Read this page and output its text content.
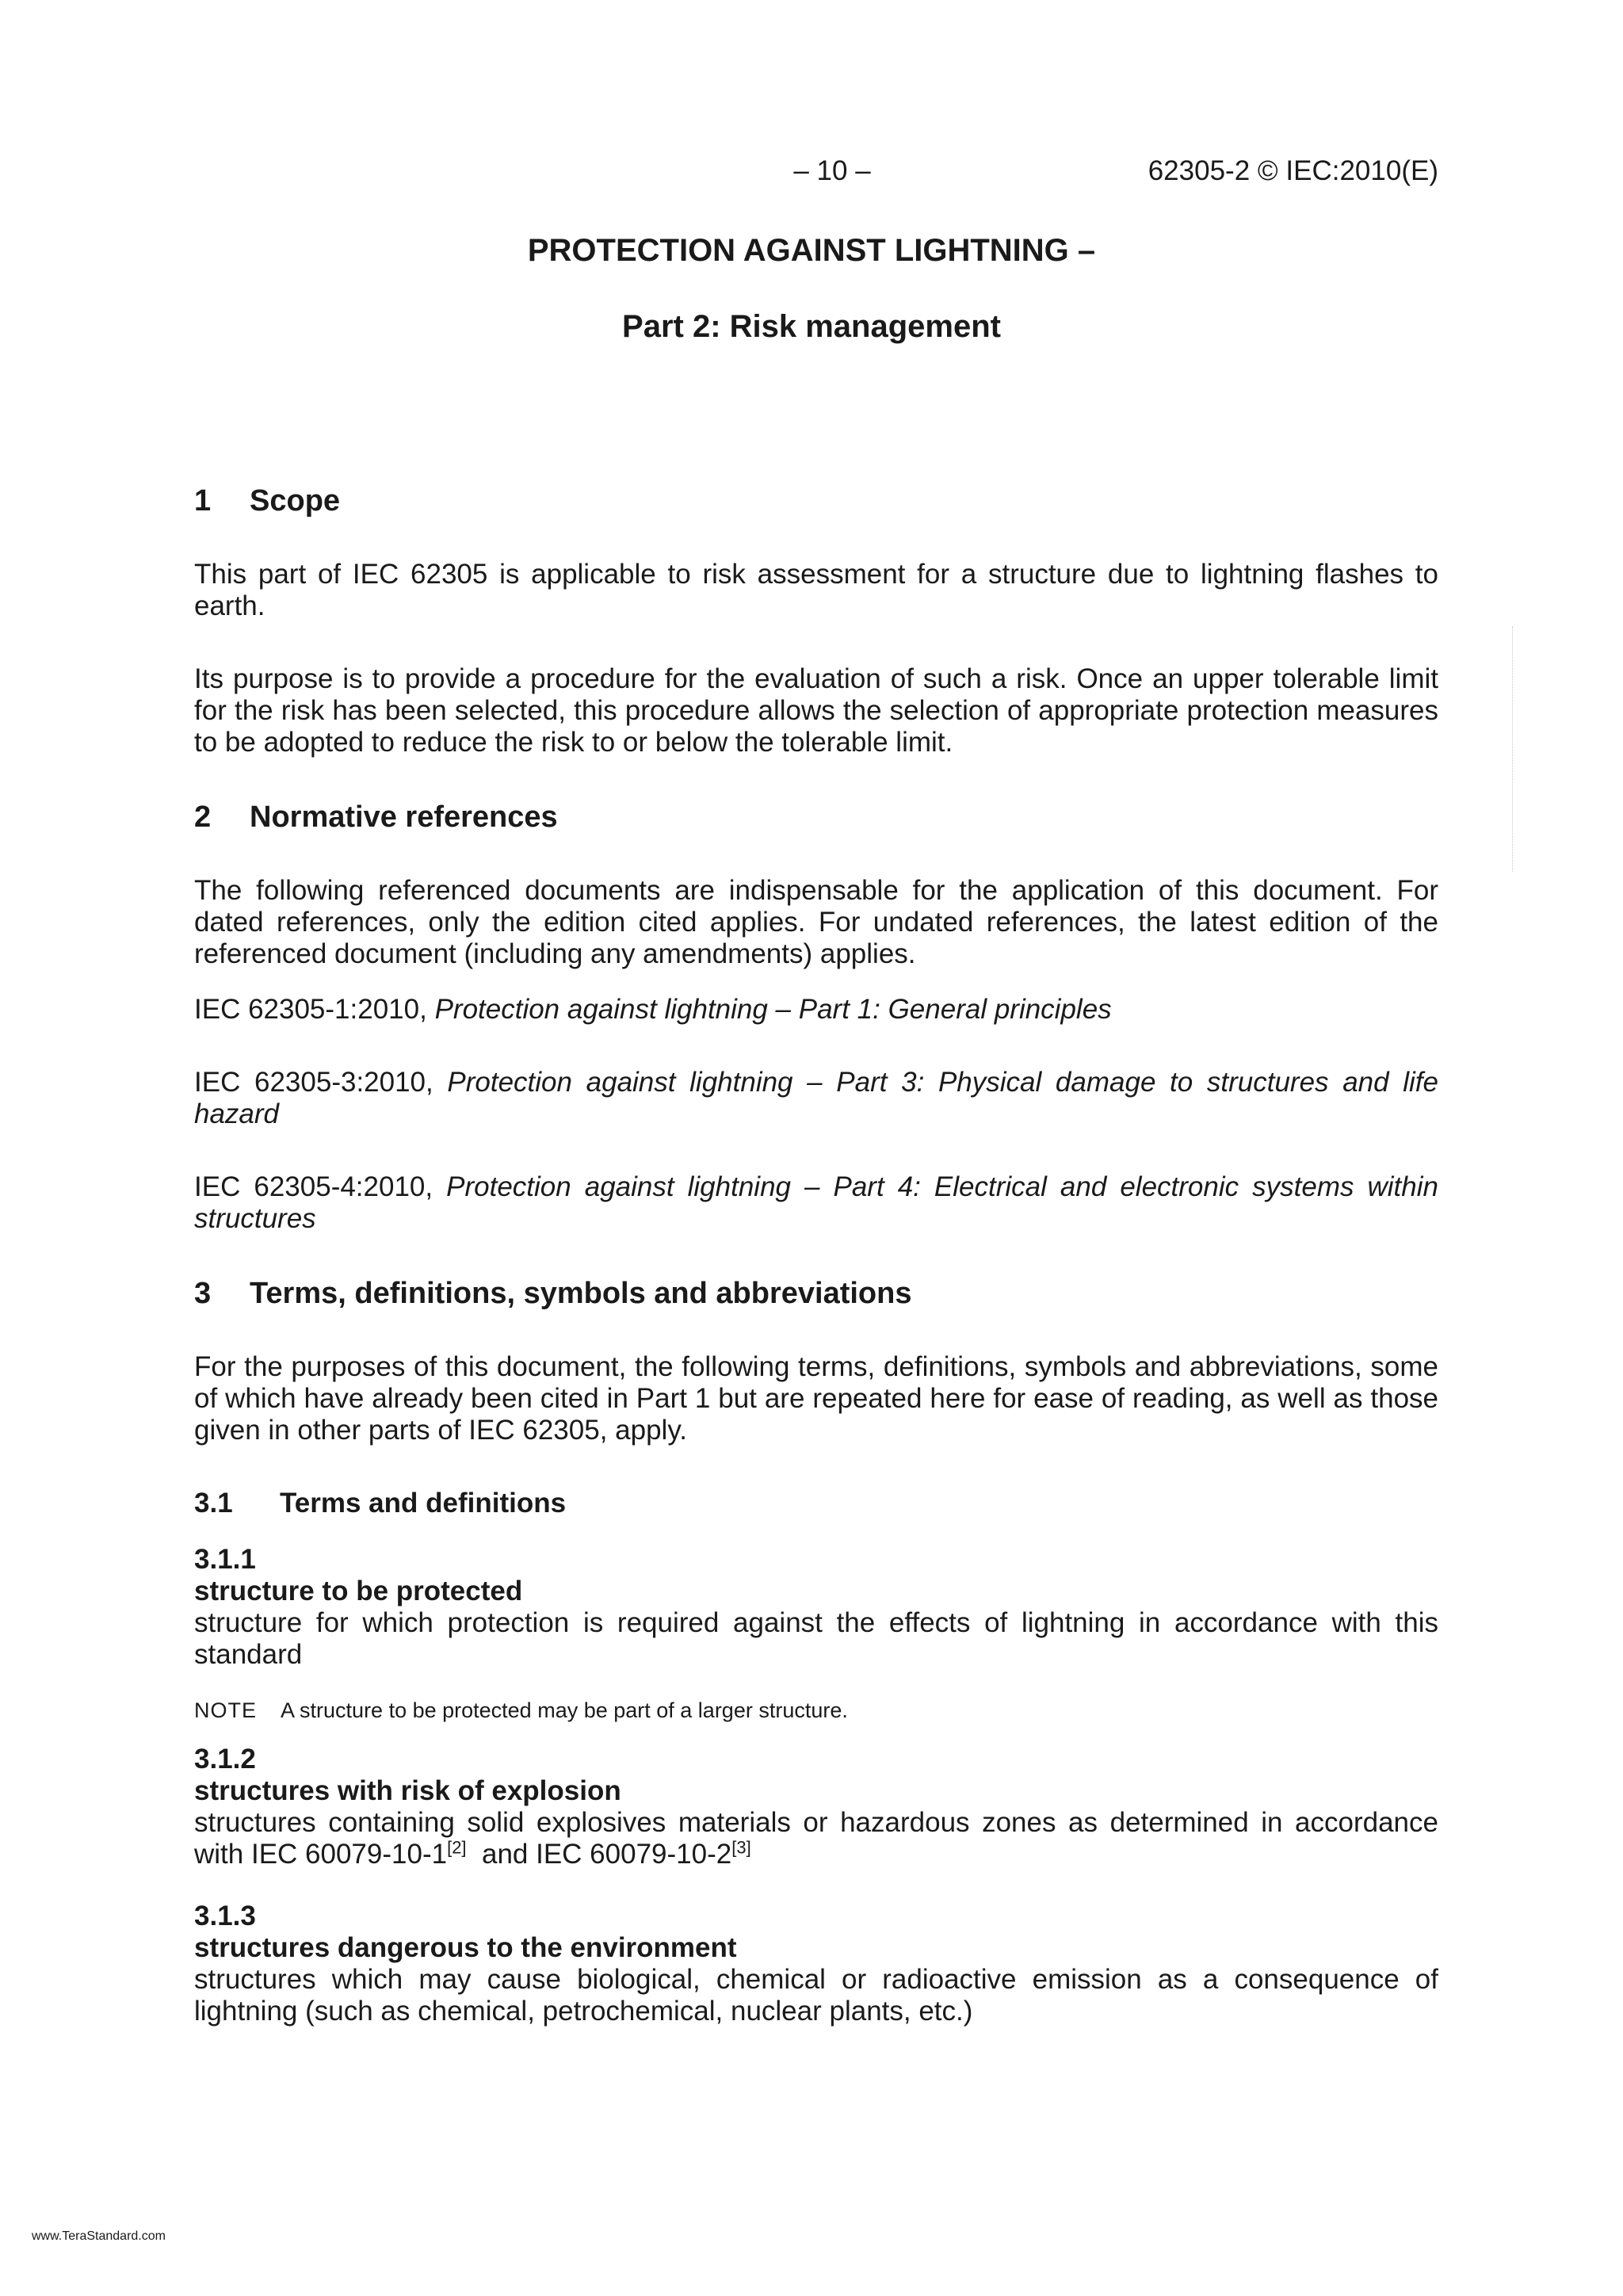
– 10 –	62305-2 © IEC:2010(E)
PROTECTION AGAINST LIGHTNING –
Part 2: Risk management
1	Scope

This part of IEC 62305 is applicable to risk assessment for a structure due to lightning flashes to earth.

Its purpose is to provide a procedure for the evaluation of such a risk. Once an upper tolerable limit for the risk has been selected, this procedure allows the selection of appropriate protection measures to be adopted to reduce the risk to or below the tolerable limit.

2	Normative references

The following referenced documents are indispensable for the application of this document. For dated references, only the edition cited applies. For undated references, the latest edition of the referenced document (including any amendments) applies.

IEC 62305-1:2010, Protection against lightning – Part 1: General principles

IEC 62305-3:2010, Protection against lightning – Part 3: Physical damage to structures and life hazard

IEC 62305-4:2010, Protection against lightning – Part 4: Electrical and electronic systems within structures

3	Terms, definitions, symbols and abbreviations

For the purposes of this document, the following terms, definitions, symbols and abbreviations, some of which have already been cited in Part 1 but are repeated here for ease of reading, as well as those given in other parts of IEC 62305, apply.

3.1	Terms and definitions

3.1.1

structure to be protected

structure for which protection is required against the effects of lightning in accordance with this standard

NOTE A structure to be protected may be part of a larger structure.

3.1.2

structures with risk of explosion

structures containing solid explosives materials or hazardous zones as determined in accordance with IEC 60079-10-1[2]  and IEC 60079-10-2[3]

3.1.3

structures dangerous to the environment

structures which may cause biological, chemical or radioactive emission as a consequence of lightning (such as chemical, petrochemical, nuclear plants, etc.)

www.TeraStandard.com
